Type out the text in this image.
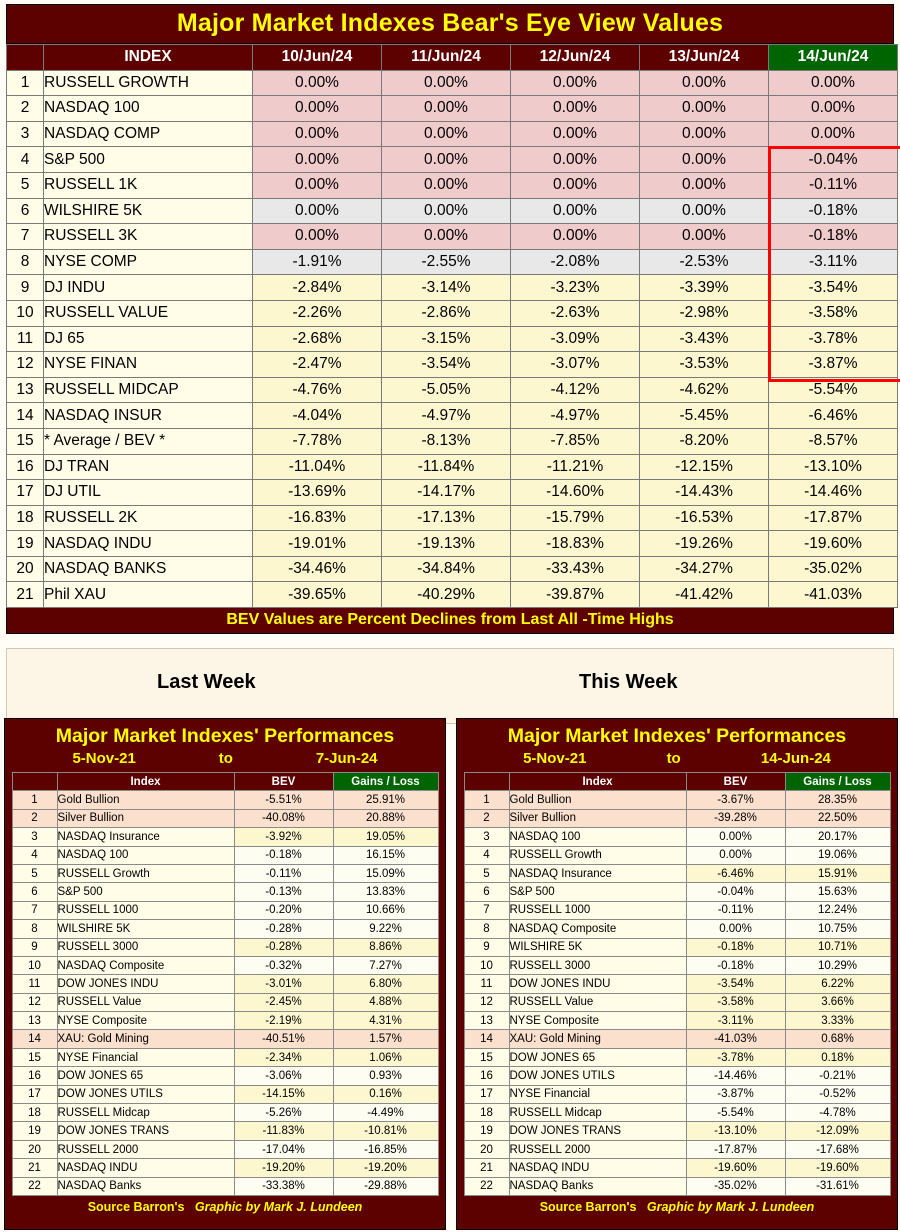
Major Market Indexes Bear's Eye View Values
	INDEX	10/Jun/24	11/Jun/24	12/Jun/24	13/Jun/24	14/Jun/24
1	RUSSELL GROWTH	0.00%	0.00%	0.00%	0.00%	0.00%
2	NASDAQ 100	0.00%	0.00%	0.00%	0.00%	0.00%
3	NASDAQ COMP	0.00%	0.00%	0.00%	0.00%	0.00%
4	S&P 500	0.00%	0.00%	0.00%	0.00%	-0.04%
5	RUSSELL 1K	0.00%	0.00%	0.00%	0.00%	-0.11%
6	WILSHIRE 5K	0.00%	0.00%	0.00%	0.00%	-0.18%
7	RUSSELL 3K	0.00%	0.00%	0.00%	0.00%	-0.18%
8	NYSE COMP	-1.91%	-2.55%	-2.08%	-2.53%	-3.11%
9	DJ INDU	-2.84%	-3.14%	-3.23%	-3.39%	-3.54%
10	RUSSELL VALUE	-2.26%	-2.86%	-2.63%	-2.98%	-3.58%
11	DJ 65	-2.68%	-3.15%	-3.09%	-3.43%	-3.78%
12	NYSE FINAN	-2.47%	-3.54%	-3.07%	-3.53%	-3.87%
13	RUSSELL MIDCAP	-4.76%	-5.05%	-4.12%	-4.62%	-5.54%
14	NASDAQ INSUR	-4.04%	-4.97%	-4.97%	-5.45%	-6.46%
15	* Average / BEV *	-7.78%	-8.13%	-7.85%	-8.20%	-8.57%
16	DJ TRAN	-11.04%	-11.84%	-11.21%	-12.15%	-13.10%
17	DJ UTIL	-13.69%	-14.17%	-14.60%	-14.43%	-14.46%
18	RUSSELL 2K	-16.83%	-17.13%	-15.79%	-16.53%	-17.87%
19	NASDAQ INDU	-19.01%	-19.13%	-18.83%	-19.26%	-19.60%
20	NASDAQ BANKS	-34.46%	-34.84%	-33.43%	-34.27%	-35.02%
21	Phil XAU	-39.65%	-40.29%	-39.87%	-41.42%	-41.03%
BEV Values are Percent Declines from Last All -Time Highs
Last Week	This Week
Major Market Indexes' Performances
5-Nov-21	to	7-Jun-24
	Index	BEV	Gains / Loss
1	Gold Bullion	-5.51%	25.91%
2	Silver Bullion	-40.08%	20.88%
3	NASDAQ Insurance	-3.92%	19.05%
4	NASDAQ 100	-0.18%	16.15%
5	RUSSELL Growth	-0.11%	15.09%
6	S&P 500	-0.13%	13.83%
7	RUSSELL 1000	-0.20%	10.66%
8	WILSHIRE 5K	-0.28%	9.22%
9	RUSSELL 3000	-0.28%	8.86%
10	NASDAQ Composite	-0.32%	7.27%
11	DOW JONES INDU	-3.01%	6.80%
12	RUSSELL Value	-2.45%	4.88%
13	NYSE Composite	-2.19%	4.31%
14	XAU: Gold Mining	-40.51%	1.57%
15	NYSE Financial	-2.34%	1.06%
16	DOW JONES 65	-3.06%	0.93%
17	DOW JONES UTILS	-14.15%	0.16%
18	RUSSELL Midcap	-5.26%	-4.49%
19	DOW JONES TRANS	-11.83%	-10.81%
20	RUSSELL 2000	-17.04%	-16.85%
21	NASDAQ INDU	-19.20%	-19.20%
22	NASDAQ Banks	-33.38%	-29.88%
Source Barron's Graphic by Mark J. Lundeen
Major Market Indexes' Performances
5-Nov-21	to	14-Jun-24
	Index	BEV	Gains / Loss
1	Gold Bullion	-3.67%	28.35%
2	Silver Bullion	-39.28%	22.50%
3	NASDAQ 100	0.00%	20.17%
4	RUSSELL Growth	0.00%	19.06%
5	NASDAQ Insurance	-6.46%	15.91%
6	S&P 500	-0.04%	15.63%
7	RUSSELL 1000	-0.11%	12.24%
8	NASDAQ Composite	0.00%	10.75%
9	WILSHIRE 5K	-0.18%	10.71%
10	RUSSELL 3000	-0.18%	10.29%
11	DOW JONES INDU	-3.54%	6.22%
12	RUSSELL Value	-3.58%	3.66%
13	NYSE Composite	-3.11%	3.33%
14	XAU: Gold Mining	-41.03%	0.68%
15	DOW JONES 65	-3.78%	0.18%
16	DOW JONES UTILS	-14.46%	-0.21%
17	NYSE Financial	-3.87%	-0.52%
18	RUSSELL Midcap	-5.54%	-4.78%
19	DOW JONES TRANS	-13.10%	-12.09%
20	RUSSELL 2000	-17.87%	-17.68%
21	NASDAQ INDU	-19.60%	-19.60%
22	NASDAQ Banks	-35.02%	-31.61%
Source Barron's Graphic by Mark J. Lundeen
